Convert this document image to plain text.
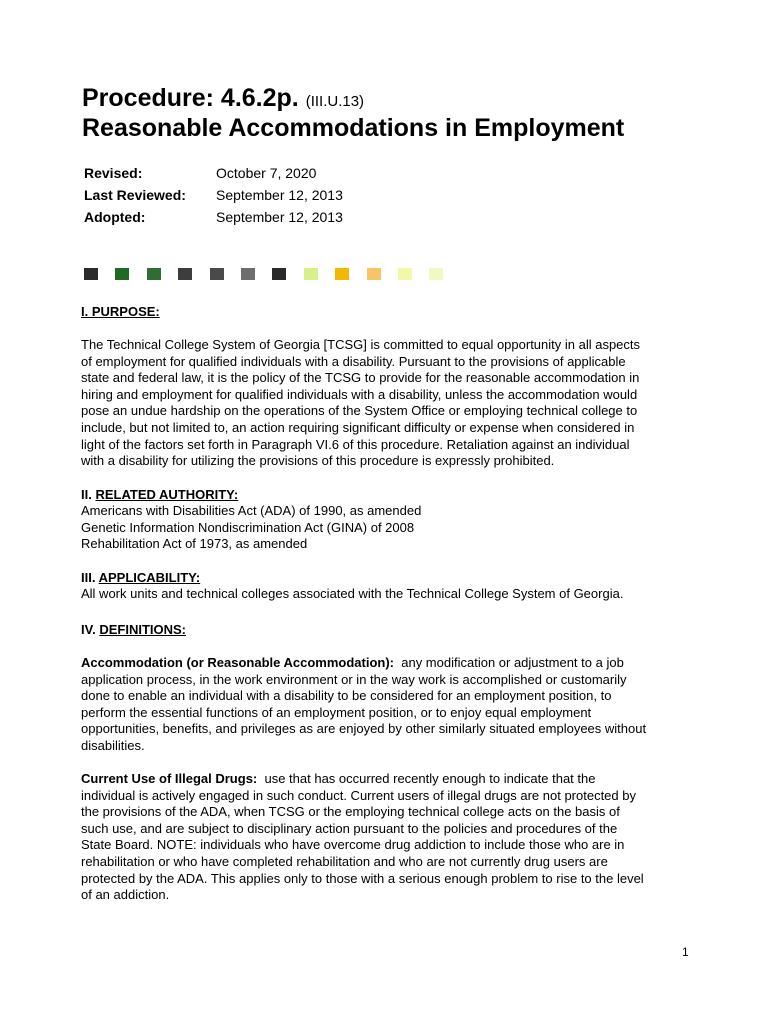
Procedure: 4.6.2p. (III.U.13)
Reasonable Accommodations in Employment
Revised:	October 7, 2020
Last Reviewed: September 12, 2013
Adopted:	September 12, 2013
I. PURPOSE:
The Technical College System of Georgia [TCSG] is committed to equal opportunity in all aspects
of employment for qualified individuals with a disability. Pursuant to the provisions of applicable
state and federal law, it is the policy of the TCSG to provide for the reasonable accommodation in
hiring and employment for qualified individuals with a disability, unless the accommodation would
pose an undue hardship on the operations of the System Office or employing technical college to
include, but not limited to, an action requiring significant difficulty or expense when considered in
light of the factors set forth in Paragraph VI.6 of this procedure. Retaliation against an individual
with a disability for utilizing the provisions of this procedure is expressly prohibited.
II. RELATED AUTHORITY:
Americans with Disabilities Act (ADA) of 1990, as amended
Genetic Information Nondiscrimination Act (GINA) of 2008
Rehabilitation Act of 1973, as amended
III. APPLICABILITY:
All work units and technical colleges associated with the Technical College System of Georgia.
IV. DEFINITIONS:
Accommodation (or Reasonable Accommodation): any modification or adjustment to a job
application process, in the work environment or in the way work is accomplished or customarily
done to enable an individual with a disability to be considered for an employment position, to
perform the essential functions of an employment position, or to enjoy equal employment
opportunities, benefits, and privileges as are enjoyed by other similarly situated employees without
disabilities.
Current Use of Illegal Drugs: use that has occurred recently enough to indicate that the
individual is actively engaged in such conduct. Current users of illegal drugs are not protected by
the provisions of the ADA, when TCSG or the employing technical college acts on the basis of
such use, and are subject to disciplinary action pursuant to the policies and procedures of the
State Board. NOTE: individuals who have overcome drug addiction to include those who are in
rehabilitation or who have completed rehabilitation and who are not currently drug users are
protected by the ADA. This applies only to those with a serious enough problem to rise to the level
of an addiction.
1
